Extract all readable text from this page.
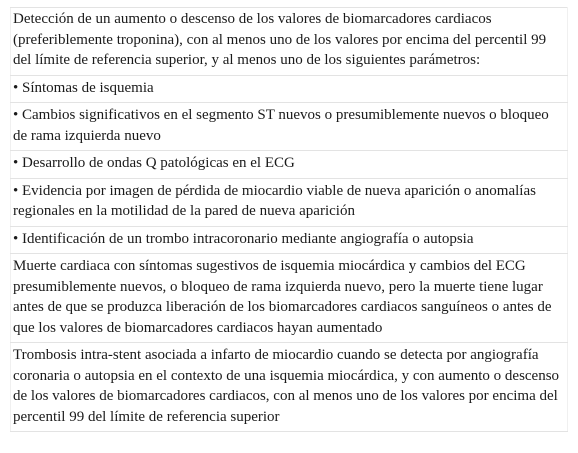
Detección de un aumento o descenso de los valores de biomarcadores cardiacos (preferiblemente troponina), con al menos uno de los valores por encima del percentil 99 del límite de referencia superior, y al menos uno de los siguientes parámetros:
• Síntomas de isquemia
• Cambios significativos en el segmento ST nuevos o presumiblemente nuevos o bloqueo de rama izquierda nuevo
• Desarrollo de ondas Q patológicas en el ECG
• Evidencia por imagen de pérdida de miocardio viable de nueva aparición o anomalías regionales en la motilidad de la pared de nueva aparición
• Identificación de un trombo intracoronario mediante angiografía o autopsia
Muerte cardiaca con síntomas sugestivos de isquemia miocárdica y cambios del ECG presumiblemente nuevos, o bloqueo de rama izquierda nuevo, pero la muerte tiene lugar antes de que se produzca liberación de los biomarcadores cardiacos sanguíneos o antes de que los valores de biomarcadores cardiacos hayan aumentado
Trombosis intra-stent asociada a infarto de miocardio cuando se detecta por angiografía coronaria o autopsia en el contexto de una isquemia miocárdica, y con aumento o descenso de los valores de biomarcadores cardiacos, con al menos uno de los valores por encima del percentil 99 del límite de referencia superior
